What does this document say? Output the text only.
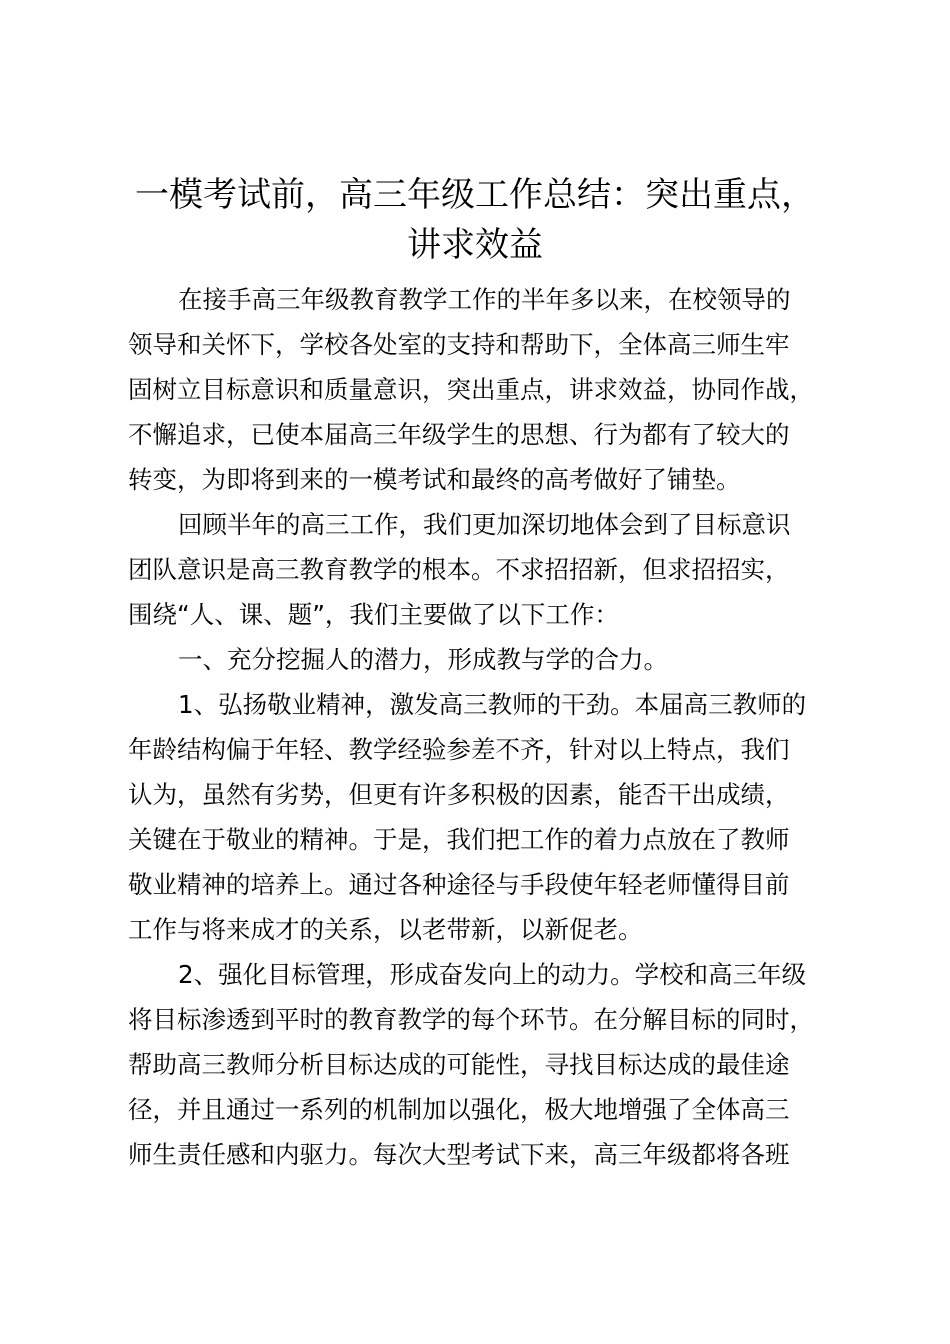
一模考试前，高三年级工作总结：突出重点，
讲求效益

在接手高三年级教育教学工作的半年多以来，在校领导的
领导和关怀下，学校各处室的支持和帮助下，全体高三师生牢
固树立目标意识和质量意识，突出重点，讲求效益，协同作战，
不懈追求，已使本届高三年级学生的思想、行为都有了较大的
转变，为即将到来的一模考试和最终的高考做好了铺垫。

回顾半年的高三工作，我们更加深切地体会到了目标意识
团队意识是高三教育教学的根本。不求招招新，但求招招实，
围绕“人、课、题”，我们主要做了以下工作：

一、充分挖掘人的潜力，形成教与学的合力。

1、弘扬敬业精神，激发高三教师的干劲。本届高三教师的
年龄结构偏于年轻、教学经验参差不齐，针对以上特点，我们
认为，虽然有劣势，但更有许多积极的因素，能否干出成绩，
关键在于敬业的精神。于是，我们把工作的着力点放在了教师
敬业精神的培养上。通过各种途径与手段使年轻老师懂得目前
工作与将来成才的关系，以老带新，以新促老。

2、强化目标管理，形成奋发向上的动力。学校和高三年级
将目标渗透到平时的教育教学的每个环节。在分解目标的同时，
帮助高三教师分析目标达成的可能性，寻找目标达成的最佳途
径，并且通过一系列的机制加以强化，极大地增强了全体高三
师生责任感和内驱力。每次大型考试下来，高三年级都将各班
